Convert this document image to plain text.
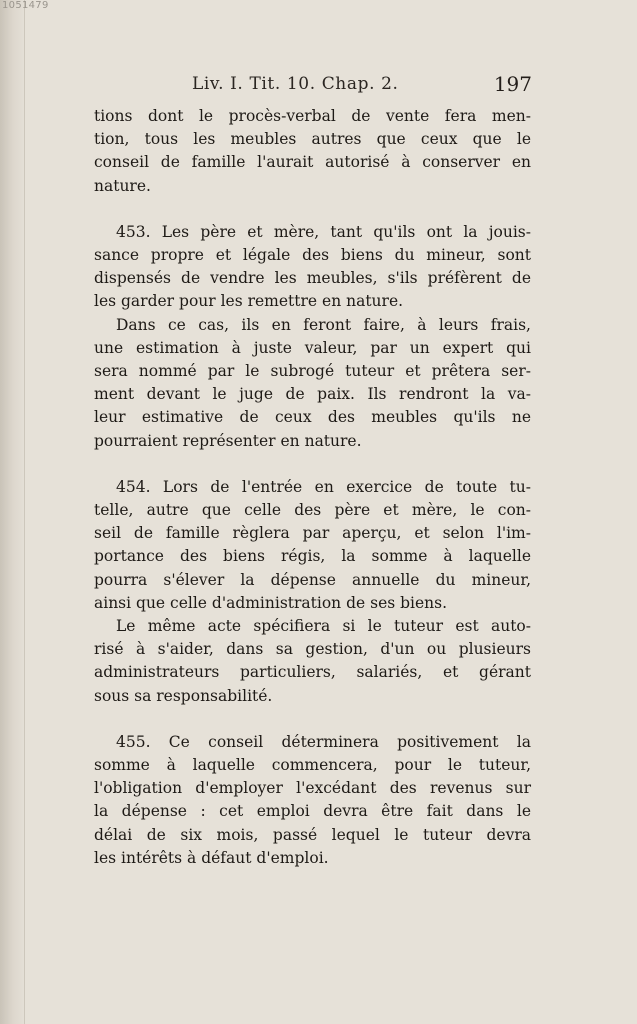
1051479
Liv. I. Tit. 10. Chap. 2.	197

tions dont le procès-verbal de vente fera men-
tion, tous les meubles autres que ceux que le
conseil de famille l'aurait autorisé à conserver en
nature.

453. Les père et mère, tant qu'ils ont la jouis-
sance propre et légale des biens du mineur, sont
dispensés de vendre les meubles, s'ils préfèrent de
les garder pour les remettre en nature.

Dans ce cas, ils en feront faire, à leurs frais,
une estimation à juste valeur, par un expert qui
sera nommé par le subrogé tuteur et prêtera ser-
ment devant le juge de paix. Ils rendront la va-
leur estimative de ceux des meubles qu'ils ne
pourraient représenter en nature.

454. Lors de l'entrée en exercice de toute tu-
telle, autre que celle des père et mère, le con-
seil de famille règlera par aperçu, et selon l'im-
portance des biens régis, la somme à laquelle
pourra s'élever la dépense annuelle du mineur,
ainsi que celle d'administration de ses biens.

Le même acte spécifiera si le tuteur est auto-
risé à s'aider, dans sa gestion, d'un ou plusieurs
administrateurs particuliers, salariés, et gérant
sous sa responsabilité.

455. Ce conseil déterminera positivement la
somme à laquelle commencera, pour le tuteur,
l'obligation d'employer l'excédant des revenus sur
la dépense : cet emploi devra être fait dans le
délai de six mois, passé lequel le tuteur devra
les intérêts à défaut d'emploi.
